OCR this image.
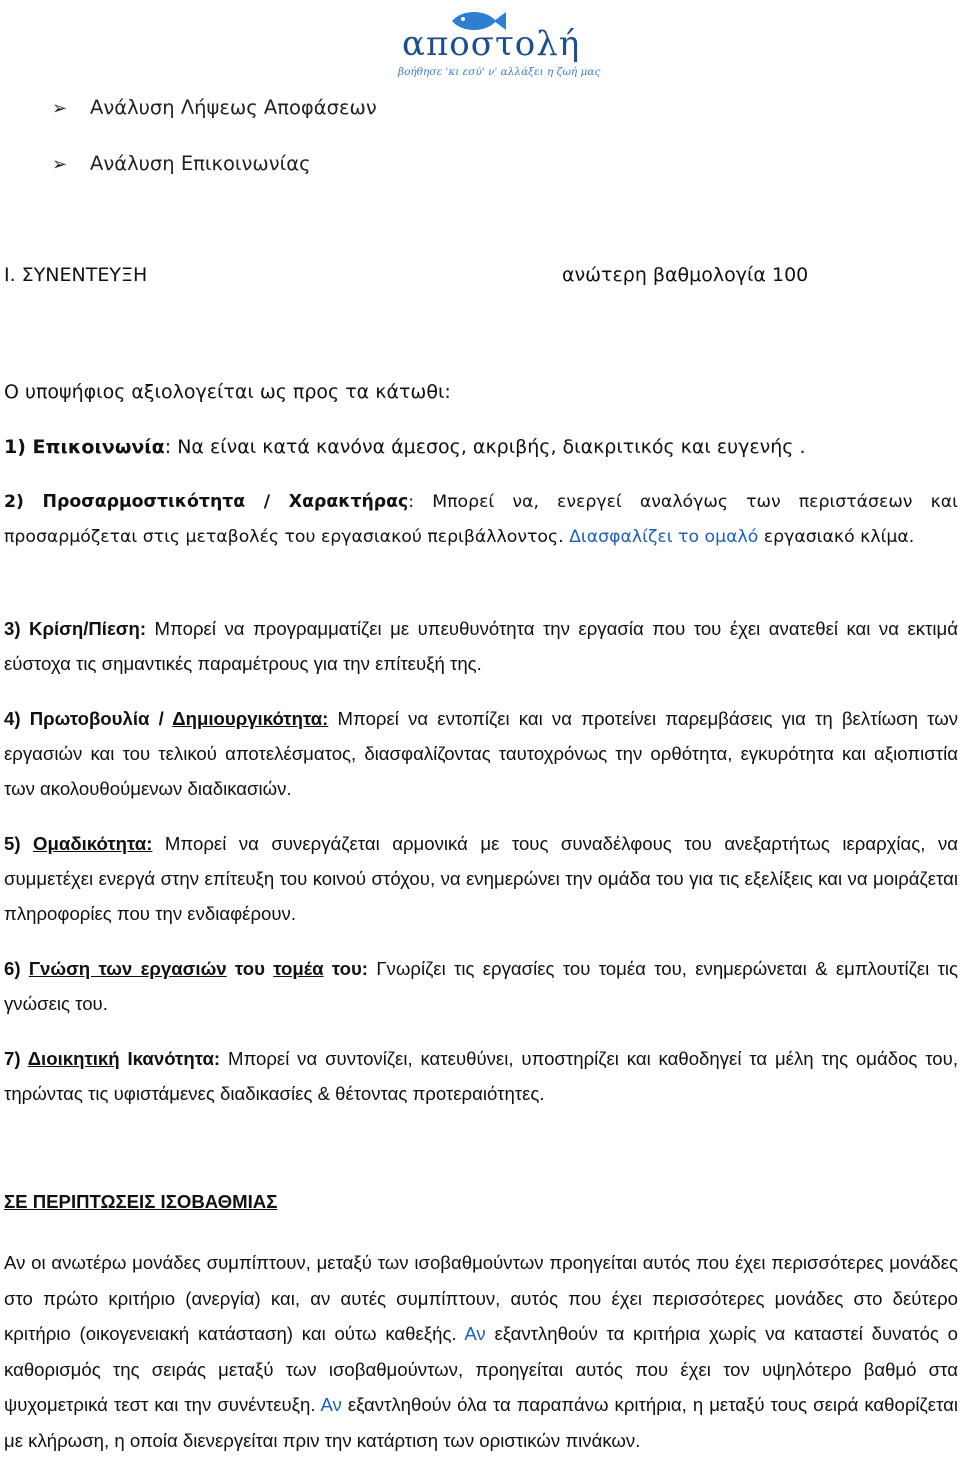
αποστολή
βοήθησε 'κι εσύ' ν' αλλάξει η ζωή μας
➢ Ανάλυση Λήψεως Αποφάσεων
➢ Ανάλυση Επικοινωνίας
Ι. ΣΥΝΕΝΤΕΥΞΗ	ανώτερη βαθμολογία 100
Ο υποψήφιος αξιολογείται ως προς τα κάτωθι:
1) Επικοινωνία: Να είναι κατά κανόνα άμεσος, ακριβής, διακριτικός και ευγενής .

2) Προσαρμοστικότητα / Χαρακτήρας: Μπορεί να, ενεργεί αναλόγως των περιστάσεων και προσαρμόζεται στις μεταβολές του εργασιακού περιβάλλοντος. Διασφαλίζει το ομαλό εργασιακό κλίμα.

3) Κρίση/Πίεση: Μπορεί να προγραμματίζει με υπευθυνότητα την εργασία που του έχει ανατεθεί και να εκτιμά εύστοχα τις σημαντικές παραμέτρους για την επίτευξή της.

4) Πρωτοβουλία / Δημιουργικότητα: Μπορεί να εντοπίζει και να προτείνει παρεμβάσεις για τη βελτίωση των εργασιών και του τελικού αποτελέσματος, διασφαλίζοντας ταυτοχρόνως την ορθότητα, εγκυρότητα και αξιοπιστία των ακολουθούμενων διαδικασιών.

5) Ομαδικότητα: Μπορεί να συνεργάζεται αρμονικά με τους συναδέλφους του ανεξαρτήτως ιεραρχίας, να συμμετέχει ενεργά στην επίτευξη του κοινού στόχου, να ενημερώνει την ομάδα του για τις εξελίξεις και να μοιράζεται πληροφορίες που την ενδιαφέρουν.

6) Γνώση των εργασιών του τομέα του: Γνωρίζει τις εργασίες του τομέα του, ενημερώνεται & εμπλουτίζει τις γνώσεις του.

7) Διοικητική Ικανότητα: Μπορεί να συντονίζει, κατευθύνει, υποστηρίζει και καθοδηγεί τα μέλη της ομάδος του, τηρώντας τις υφιστάμενες διαδικασίες & θέτοντας προτεραιότητες.

ΣΕ ΠΕΡΙΠΤΩΣΕΙΣ ΙΣΟΒΑΘΜΙΑΣ

Αν οι ανωτέρω μονάδες συμπίπτουν, μεταξύ των ισοβαθμούντων προηγείται αυτός που έχει περισσότερες μονάδες στο πρώτο κριτήριο (ανεργία) και, αν αυτές συμπίπτουν, αυτός που έχει περισσότερες μονάδες στο δεύτερο κριτήριο (οικογενειακή κατάσταση) και ούτω καθεξής. Αν εξαντληθούν τα κριτήρια χωρίς να καταστεί δυνατός ο καθορισμός της σειράς μεταξύ των ισοβαθμούντων, προηγείται αυτός που έχει τον υψηλότερο βαθμό στα ψυχομετρικά τεστ και την συνέντευξη. Αν εξαντληθούν όλα τα παραπάνω κριτήρια, η μεταξύ τους σειρά καθορίζεται με κλήρωση, η οποία διενεργείται πριν την κατάρτιση των οριστικών πινάκων.
